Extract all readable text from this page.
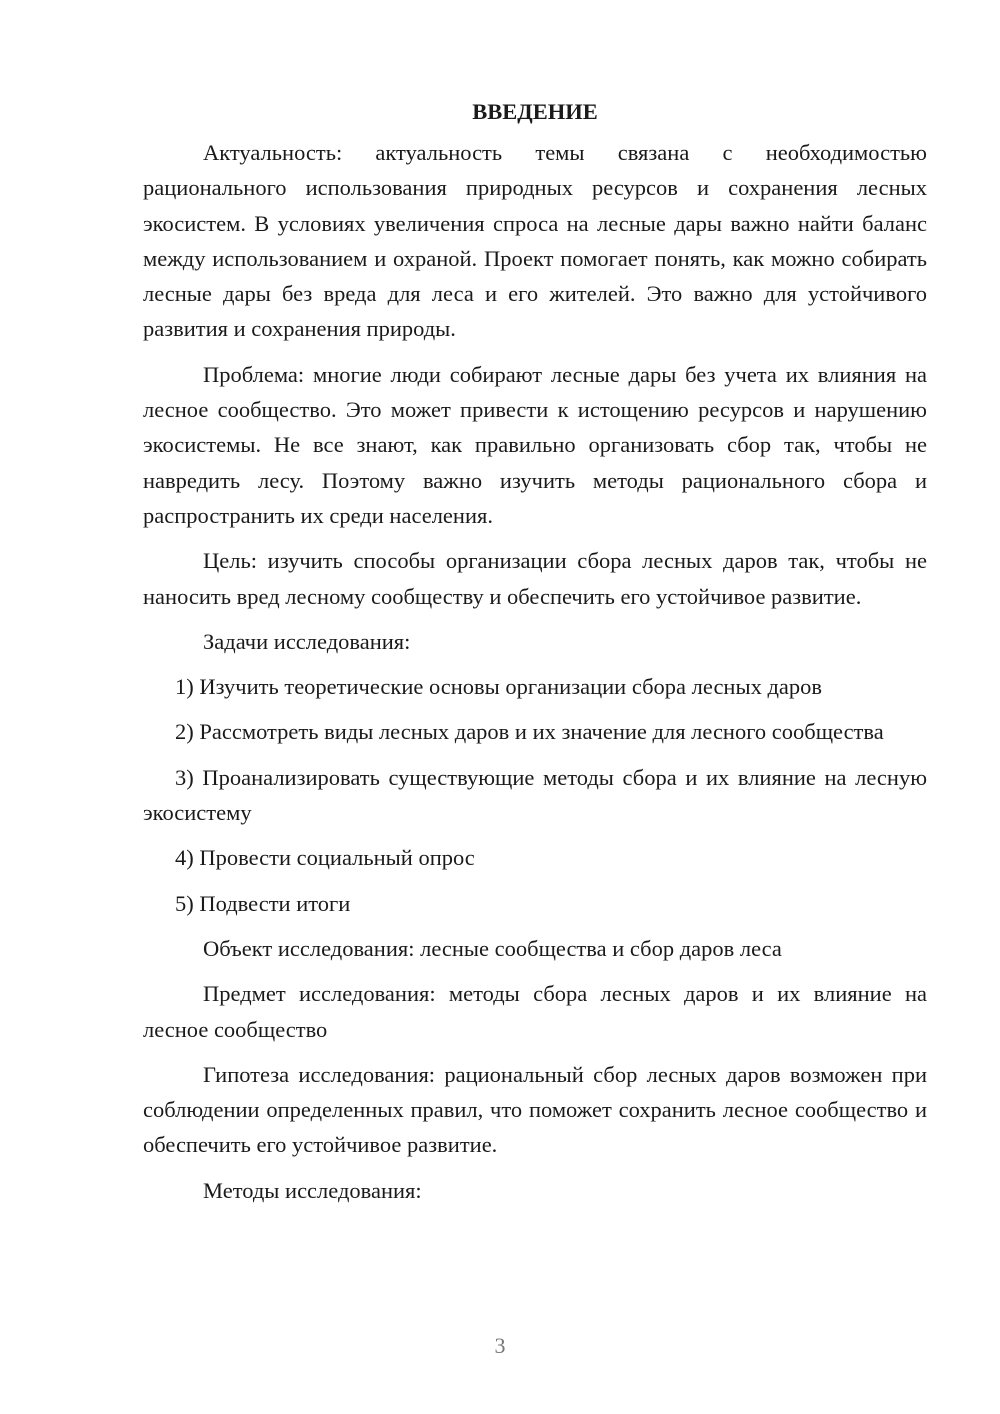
ВВЕДЕНИЕ

Актуальность: актуальность темы связана с необходимостью рационального использования природных ресурсов и сохранения лесных экосистем. В условиях увеличения спроса на лесные дары важно найти баланс между использованием и охраной. Проект помогает понять, как можно собирать лесные дары без вреда для леса и его жителей. Это важно для устойчивого развития и сохранения природы.

Проблема: многие люди собирают лесные дары без учета их влияния на лесное сообщество. Это может привести к истощению ресурсов и нарушению экосистемы. Не все знают, как правильно организовать сбор так, чтобы не навредить лесу. Поэтому важно изучить методы рационального сбора и распространить их среди населения.

Цель: изучить способы организации сбора лесных даров так, чтобы не наносить вред лесному сообществу и обеспечить его устойчивое развитие.

Задачи исследования:

1) Изучить теоретические основы организации сбора лесных даров

2) Рассмотреть виды лесных даров и их значение для лесного сообщества

3) Проанализировать существующие методы сбора и их влияние на лесную экосистему

4) Провести социальный опрос

5) Подвести итоги

Объект исследования: лесные сообщества и сбор даров леса

Предмет исследования: методы сбора лесных даров и их влияние на лесное сообщество

Гипотеза исследования: рациональный сбор лесных даров возможен при соблюдении определенных правил, что поможет сохранить лесное сообщество и обеспечить его устойчивое развитие.

Методы исследования:

3
